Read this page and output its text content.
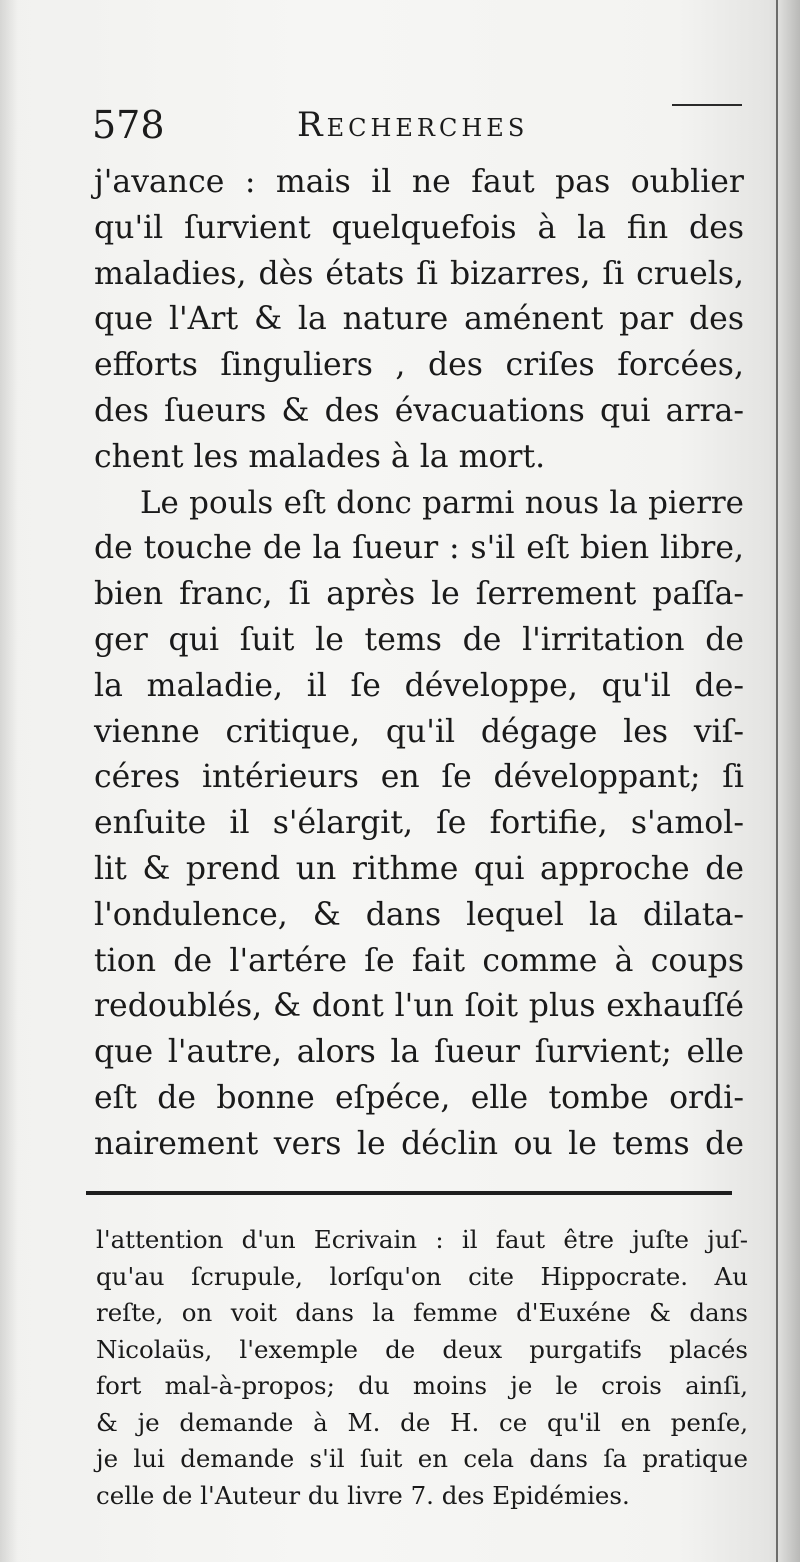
578	Recherches
j'avance : mais il ne faut pas oublier
qu'il ſurvient quelquefois à la fin des
maladies, dès états ſi bizarres, ſi cruels,
que l'Art & la nature aménent par des
efforts ſinguliers , des criſes forcées,
des ſueurs & des évacuations qui arra-
chent les malades à la mort.
Le pouls eſt donc parmi nous la pierre
de touche de la ſueur : s'il eſt bien libre,
bien franc, ſi après le ſerrement paſſa-
ger qui ſuit le tems de l'irritation de
la maladie, il ſe développe, qu'il de-
vienne critique, qu'il dégage les viſ-
céres intérieurs en ſe développant; ſi
enſuite il s'élargit, ſe fortifie, s'amol-
lit & prend un rithme qui approche de
l'ondulence, & dans lequel la dilata-
tion de l'artére ſe fait comme à coups
redoublés, & dont l'un ſoit plus exhauſſé
que l'autre, alors la ſueur ſurvient; elle
eſt de bonne eſpéce, elle tombe ordi-
nairement vers le déclin ou le tems de
l'attention d'un Ecrivain : il faut être juſte juſ-
qu'au ſcrupule, lorſqu'on cite Hippocrate. Au
reſte, on voit dans la femme d'Euxéne & dans
Nicolaüs, l'exemple de deux purgatifs placés
fort mal-à-propos; du moins je le crois ainſi,
& je demande à M. de H. ce qu'il en penſe,
je lui demande s'il ſuit en cela dans ſa pratique
celle de l'Auteur du livre 7. des Epidémies.
